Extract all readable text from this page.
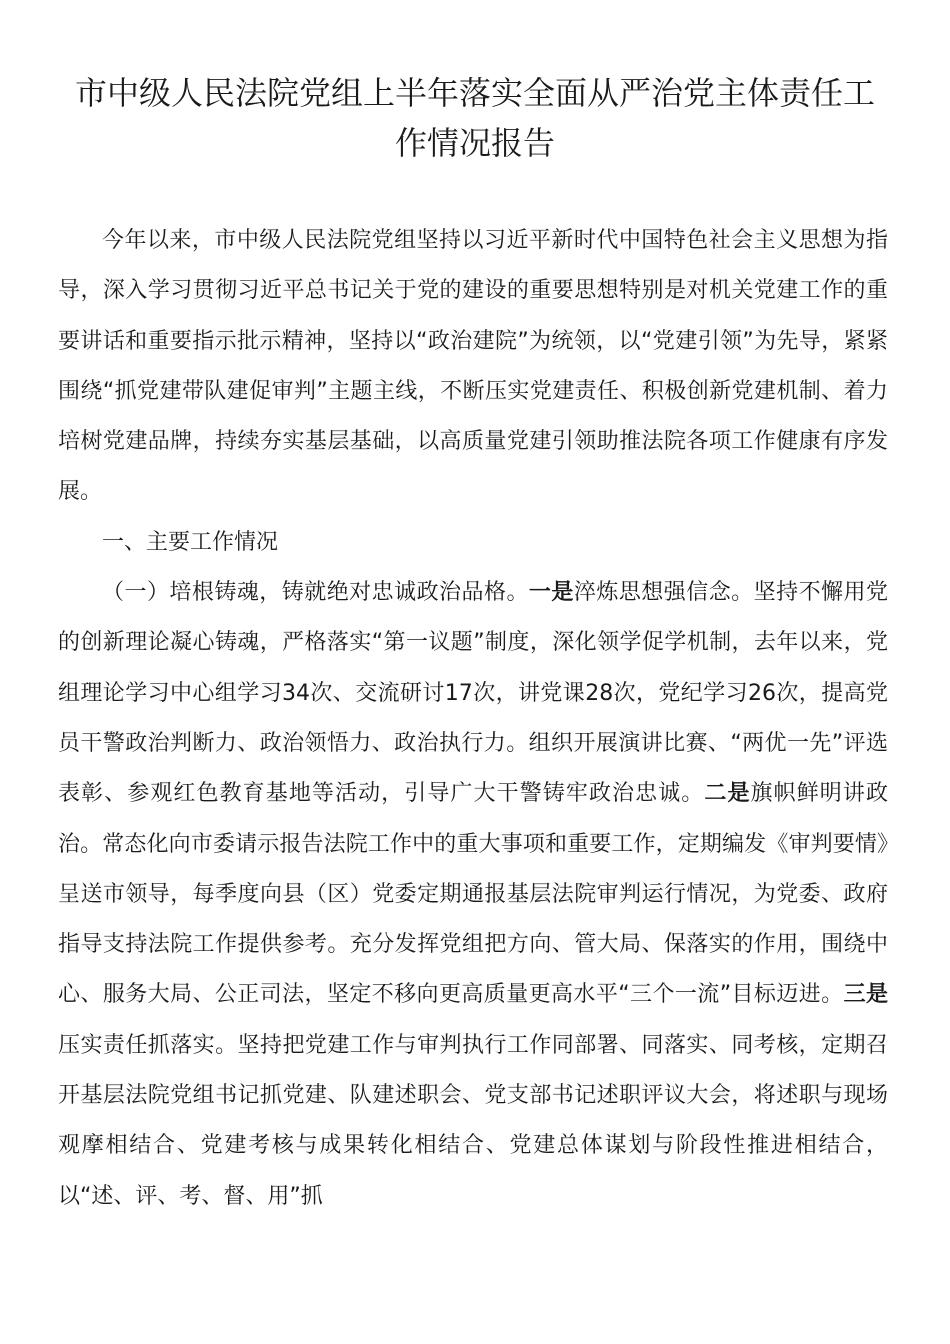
市中级人民法院党组上半年落实全面从严治党主体责任工作情况报告

今年以来，市中级人民法院党组坚持以习近平新时代中国特色社会主义思想为指导，深入学习贯彻习近平总书记关于党的建设的重要思想特别是对机关党建工作的重要讲话和重要指示批示精神，坚持以“政治建院”为统领，以“党建引领”为先导，紧紧围绕“抓党建带队建促审判”主题主线，不断压实党建责任、积极创新党建机制、着力培树党建品牌，持续夯实基层基础，以高质量党建引领助推法院各项工作健康有序发展。

一、主要工作情况

（一）培根铸魂，铸就绝对忠诚政治品格。一是淬炼思想强信念。坚持不懈用党的创新理论凝心铸魂，严格落实“第一议题”制度，深化领学促学机制，去年以来，党组理论学习中心组学习34次、交流研讨17次，讲党课28次，党纪学习26次，提高党员干警政治判断力、政治领悟力、政治执行力。组织开展演讲比赛、“两优一先”评选表彰、参观红色教育基地等活动，引导广大干警铸牢政治忠诚。二是旗帜鲜明讲政治。常态化向市委请示报告法院工作中的重大事项和重要工作，定期编发《审判要情》呈送市领导，每季度向县（区）党委定期通报基层法院审判运行情况，为党委、政府指导支持法院工作提供参考。充分发挥党组把方向、管大局、保落实的作用，围绕中心、服务大局、公正司法，坚定不移向更高质量更高水平“三个一流”目标迈进。三是压实责任抓落实。坚持把党建工作与审判执行工作同部署、同落实、同考核，定期召开基层法院党组书记抓党建、队建述职会、党支部书记述职评议大会，将述职与现场观摩相结合、党建考核与成果转化相结合、党建总体谋划与阶段性推进相结合，以“述、评、考、督、用”抓
